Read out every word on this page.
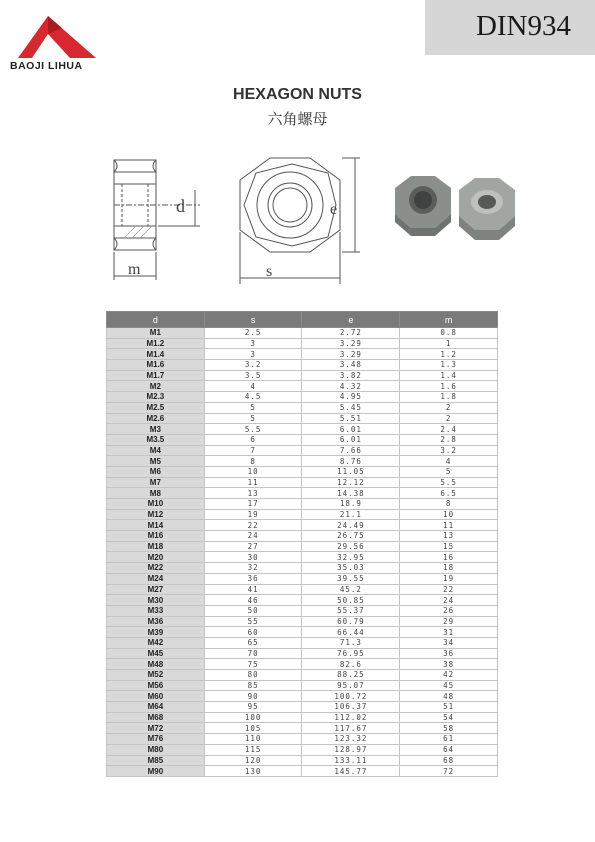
BAOJI LIHUA
DIN934
HEXAGON NUTS
六角螺母
d
m
e
s
d	s	e	m
M1	2.5	2.72	0.8
M1.2	3	3.29	1
M1.4	3	3.29	1.2
M1.6	3.2	3.48	1.3
M1.7	3.5	3.82	1.4
M2	4	4.32	1.6
M2.3	4.5	4.95	1.8
M2.5	5	5.45	2
M2.6	5	5.51	2
M3	5.5	6.01	2.4
M3.5	6	6.01	2.8
M4	7	7.66	3.2
M5	8	8.76	4
M6	10	11.05	5
M7	11	12.12	5.5
M8	13	14.38	6.5
M10	17	18.9	8
M12	19	21.1	10
M14	22	24.49	11
M16	24	26.75	13
M18	27	29.56	15
M20	30	32.95	16
M22	32	35.03	18
M24	36	39.55	19
M27	41	45.2	22
M30	46	50.85	24
M33	50	55.37	26
M36	55	60.79	29
M39	60	66.44	31
M42	65	71.3	34
M45	70	76.95	36
M48	75	82.6	38
M52	80	88.25	42
M56	85	95.07	45
M60	90	100.72	48
M64	95	106.37	51
M68	100	112.02	54
M72	105	117.67	58
M76	110	123.32	61
M80	115	128.97	64
M85	120	133.11	68
M90	130	145.77	72
